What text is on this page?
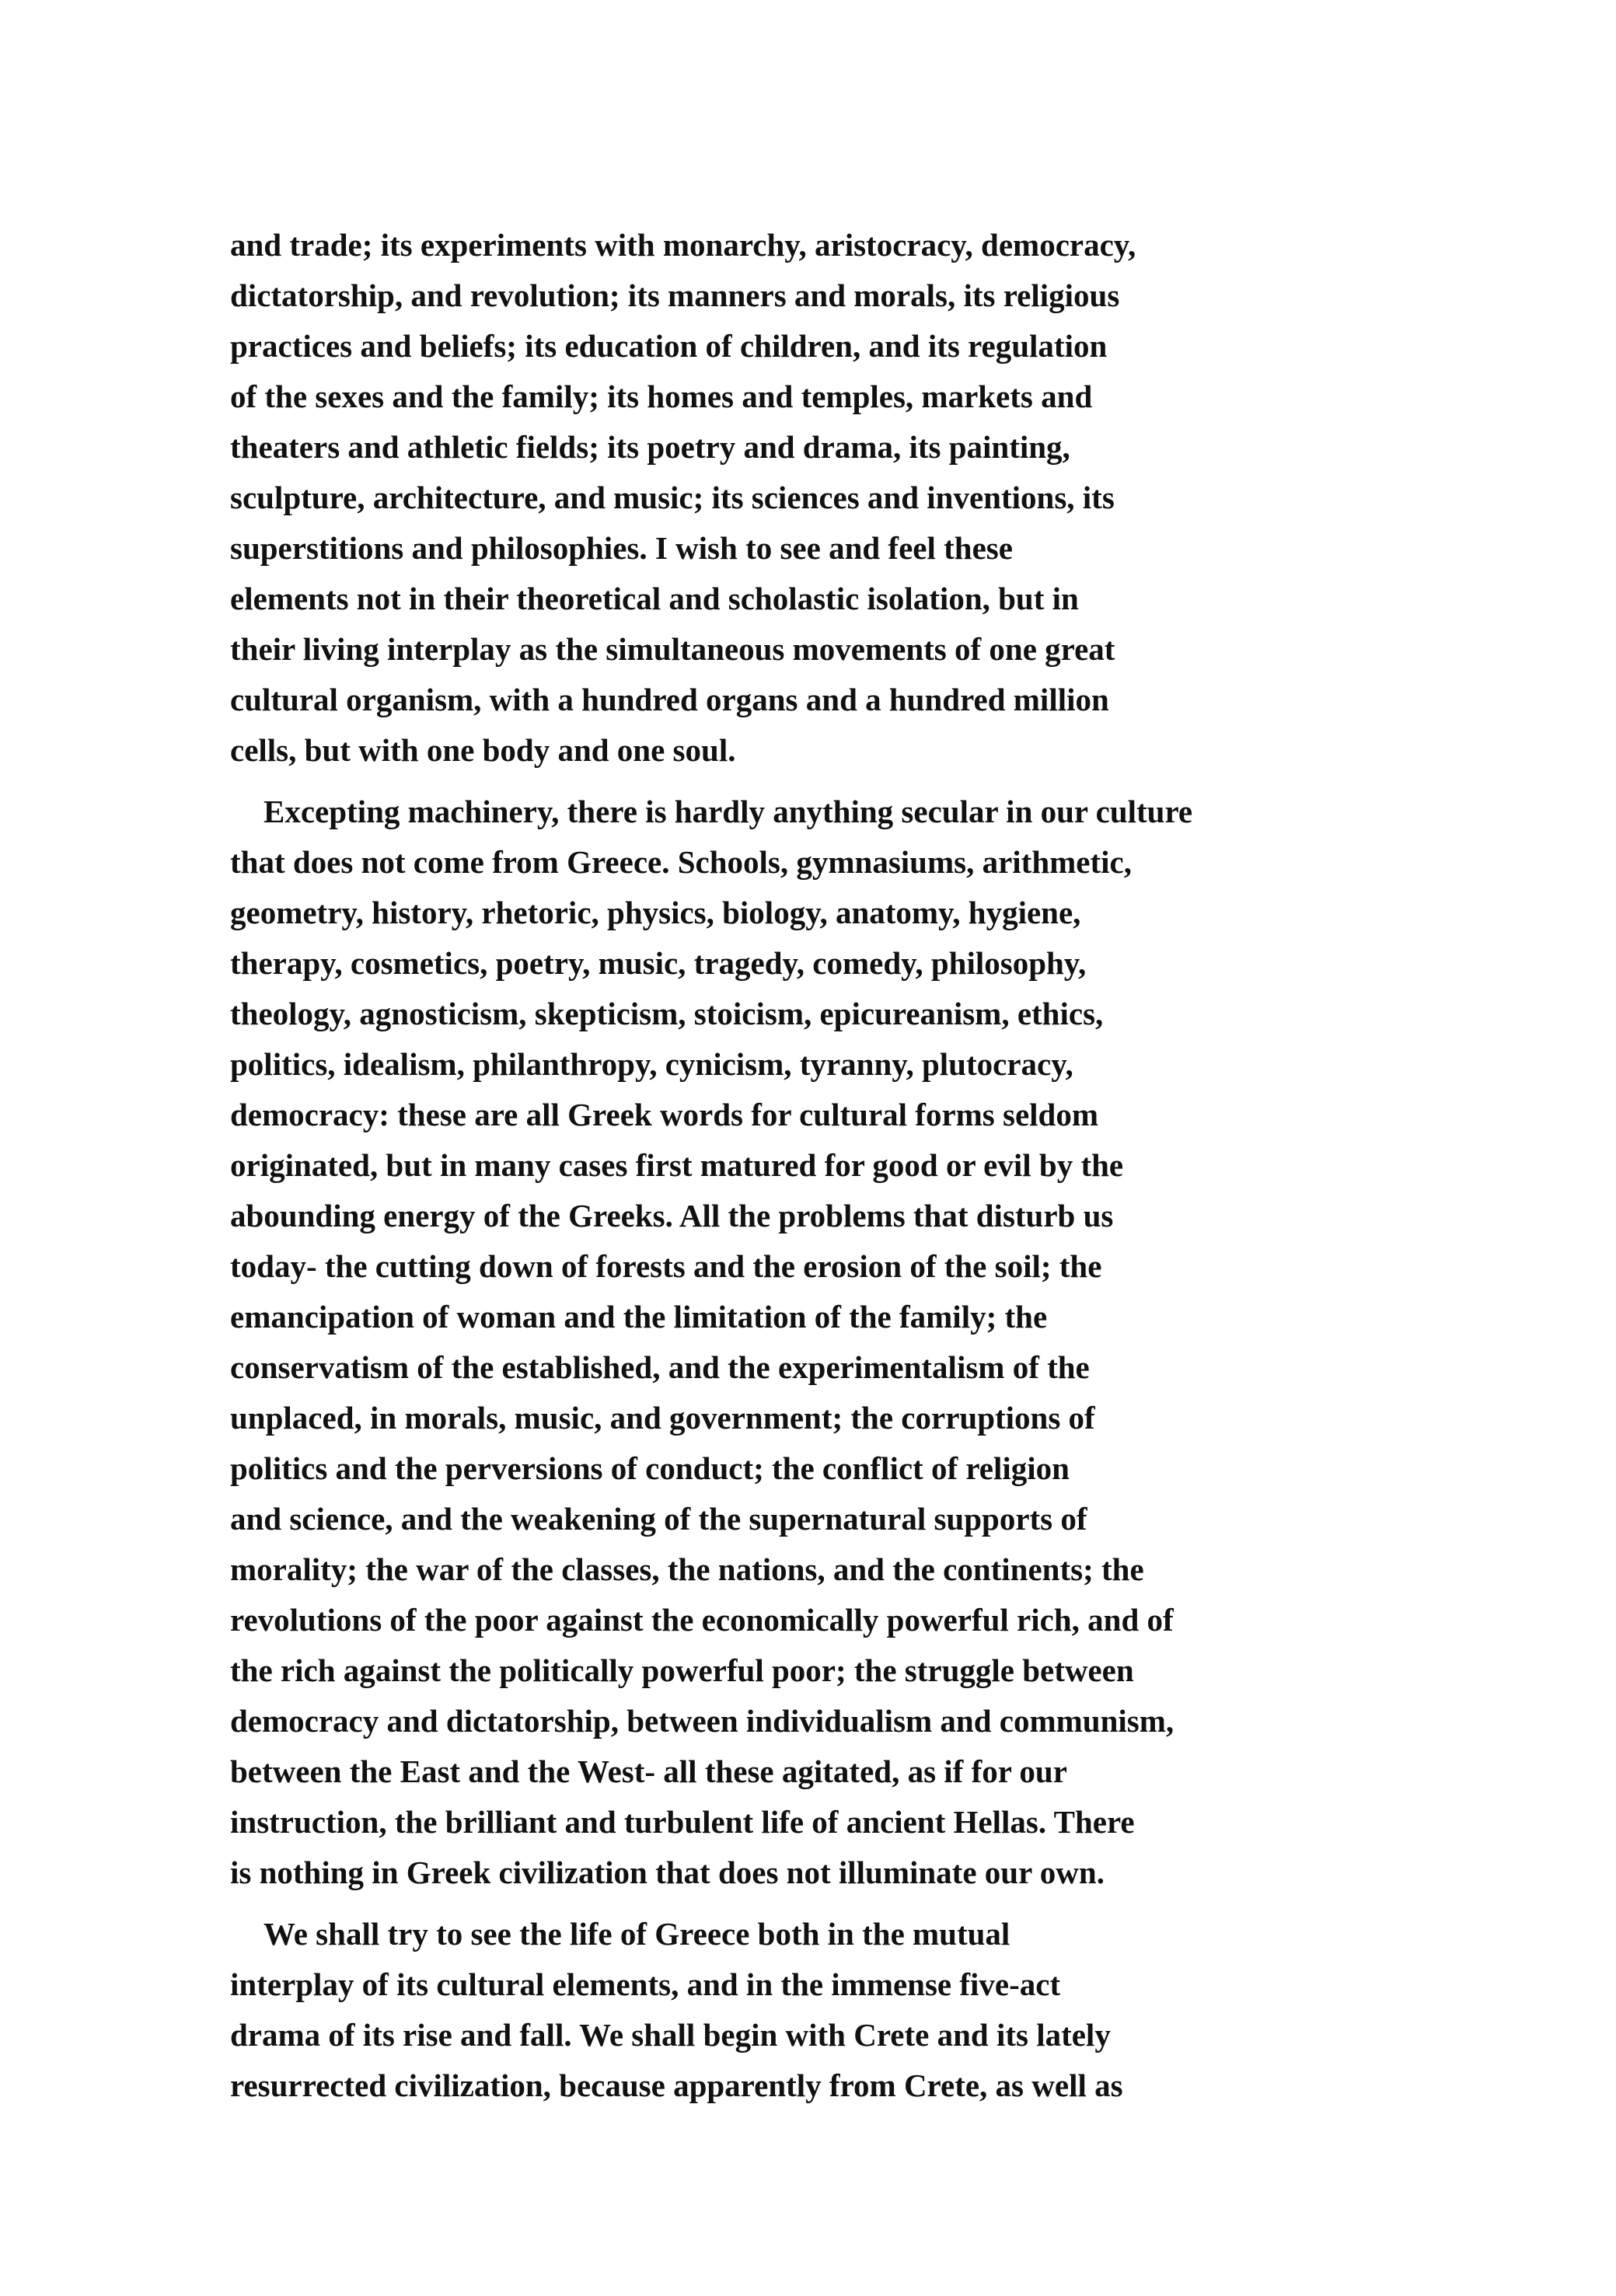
and trade; its experiments with monarchy, aristocracy, democracy,
dictatorship, and revolution; its manners and morals, its religious
practices and beliefs; its education of children, and its regulation
of the sexes and the family; its homes and temples, markets and
theaters and athletic fields; its poetry and drama, its painting,
sculpture, architecture, and music; its sciences and inventions, its
superstitions and philosophies. I wish to see and feel these
elements not in their theoretical and scholastic isolation, but in
their living interplay as the simultaneous movements of one great
cultural organism, with a hundred organs and a hundred million
cells, but with one body and one soul.
Excepting machinery, there is hardly anything secular in our culture
that does not come from Greece. Schools, gymnasiums, arithmetic,
geometry, history, rhetoric, physics, biology, anatomy, hygiene,
therapy, cosmetics, poetry, music, tragedy, comedy, philosophy,
theology, agnosticism, skepticism, stoicism, epicureanism, ethics,
politics, idealism, philanthropy, cynicism, tyranny, plutocracy,
democracy: these are all Greek words for cultural forms seldom
originated, but in many cases first matured for good or evil by the
abounding energy of the Greeks. All the problems that disturb us
today- the cutting down of forests and the erosion of the soil; the
emancipation of woman and the limitation of the family; the
conservatism of the established, and the experimentalism of the
unplaced, in morals, music, and government; the corruptions of
politics and the perversions of conduct; the conflict of religion
and science, and the weakening of the supernatural supports of
morality; the war of the classes, the nations, and the continents; the
revolutions of the poor against the economically powerful rich, and of
the rich against the politically powerful poor; the struggle between
democracy and dictatorship, between individualism and communism,
between the East and the West- all these agitated, as if for our
instruction, the brilliant and turbulent life of ancient Hellas. There
is nothing in Greek civilization that does not illuminate our own.
We shall try to see the life of Greece both in the mutual
interplay of its cultural elements, and in the immense five-act
drama of its rise and fall. We shall begin with Crete and its lately
resurrected civilization, because apparently from Crete, as well as
